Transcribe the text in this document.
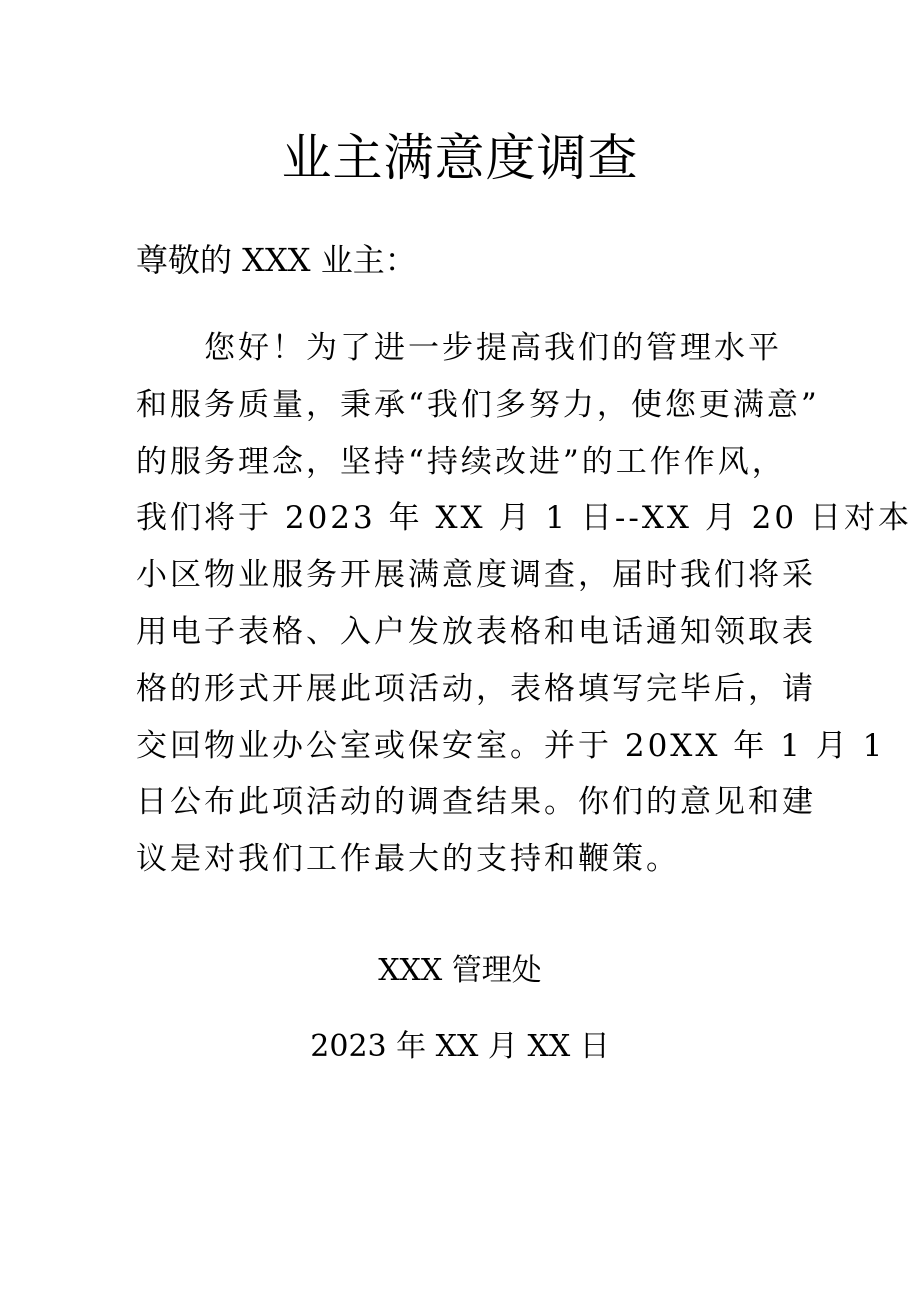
业主满意度调查

尊敬的 XXX 业主：

您好！为了进一步提高我们的管理水平
和服务质量，秉承“我们多努力，使您更满意”
的服务理念，坚持“持续改进”的工作作风，
我们将于 2023 年 XX 月 1 日--XX 月 20 日对本
小区物业服务开展满意度调查，届时我们将采
用电子表格、入户发放表格和电话通知领取表
格的形式开展此项活动，表格填写完毕后，请
交回物业办公室或保安室。并于 20XX 年 1 月 1
日公布此项活动的调查结果。你们的意见和建
议是对我们工作最大的支持和鞭策。

XXX 管理处

2023 年 XX 月 XX 日
